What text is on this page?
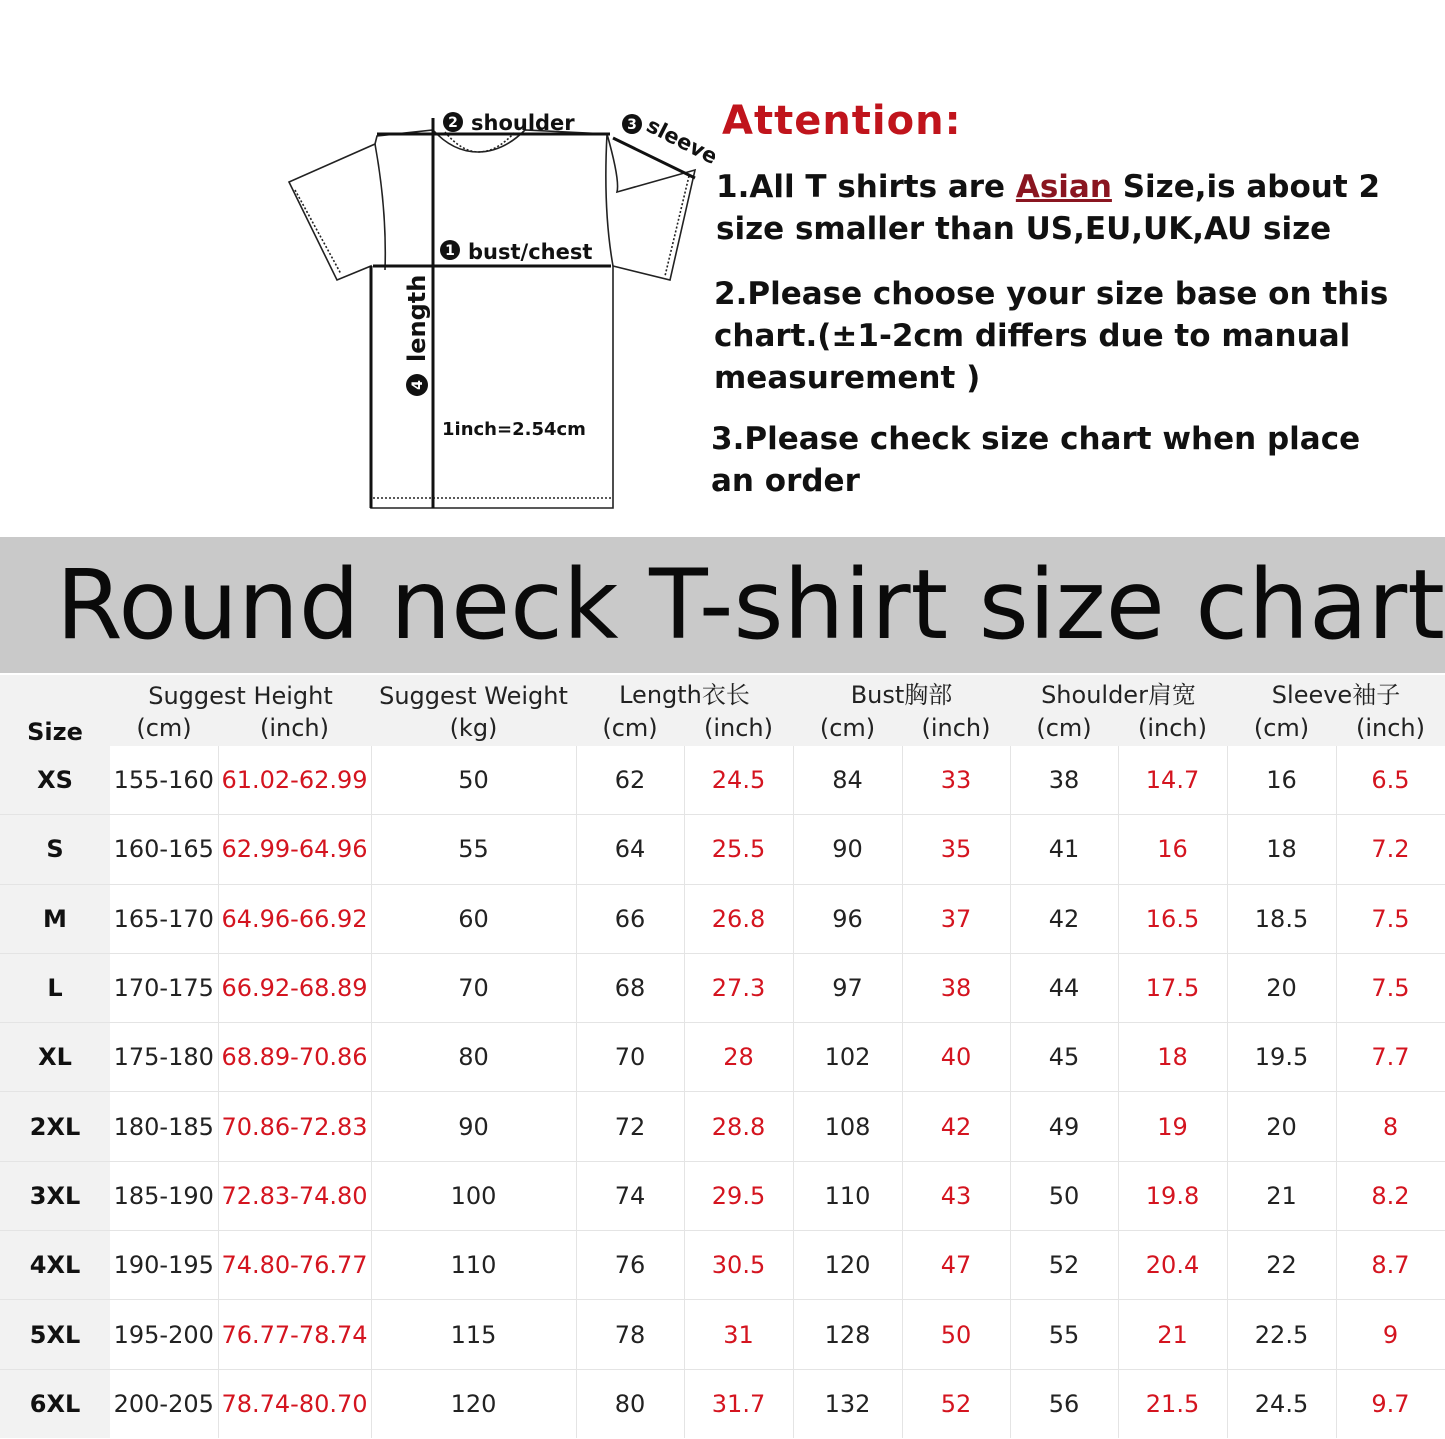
2 shoulder	3 sleeve
1 bust/chest
4
length
1inch=2.54cm
Attention:

1.All T shirts are Asian Size,is about 2 size smaller than US,EU,UK,AU size

2.Please choose your size base on this chart.(±1-2cm differs due to manual measurement )

3.Please check size chart when place an order

Round neck T-shirt size chart
Size	Suggest Height		Suggest Weight	Length衣长		Bust胸部		Shoulder肩宽		Sleeve袖子	
	(cm)	(inch)	(kg)	(cm)	(inch)	(cm)	(inch)	(cm)	(inch)	(cm)	(inch)
XS	155-160	61.02-62.99	50	62	24.5	84	33	38	14.7	16	6.5
S	160-165	62.99-64.96	55	64	25.5	90	35	41	16	18	7.2
M	165-170	64.96-66.92	60	66	26.8	96	37	42	16.5	18.5	7.5
L	170-175	66.92-68.89	70	68	27.3	97	38	44	17.5	20	7.5
XL	175-180	68.89-70.86	80	70	28	102	40	45	18	19.5	7.7
2XL	180-185	70.86-72.83	90	72	28.8	108	42	49	19	20	8
3XL	185-190	72.83-74.80	100	74	29.5	110	43	50	19.8	21	8.2
4XL	190-195	74.80-76.77	110	76	30.5	120	47	52	20.4	22	8.7
5XL	195-200	76.77-78.74	115	78	31	128	50	55	21	22.5	9
6XL	200-205	78.74-80.70	120	80	31.7	132	52	56	21.5	24.5	9.7
